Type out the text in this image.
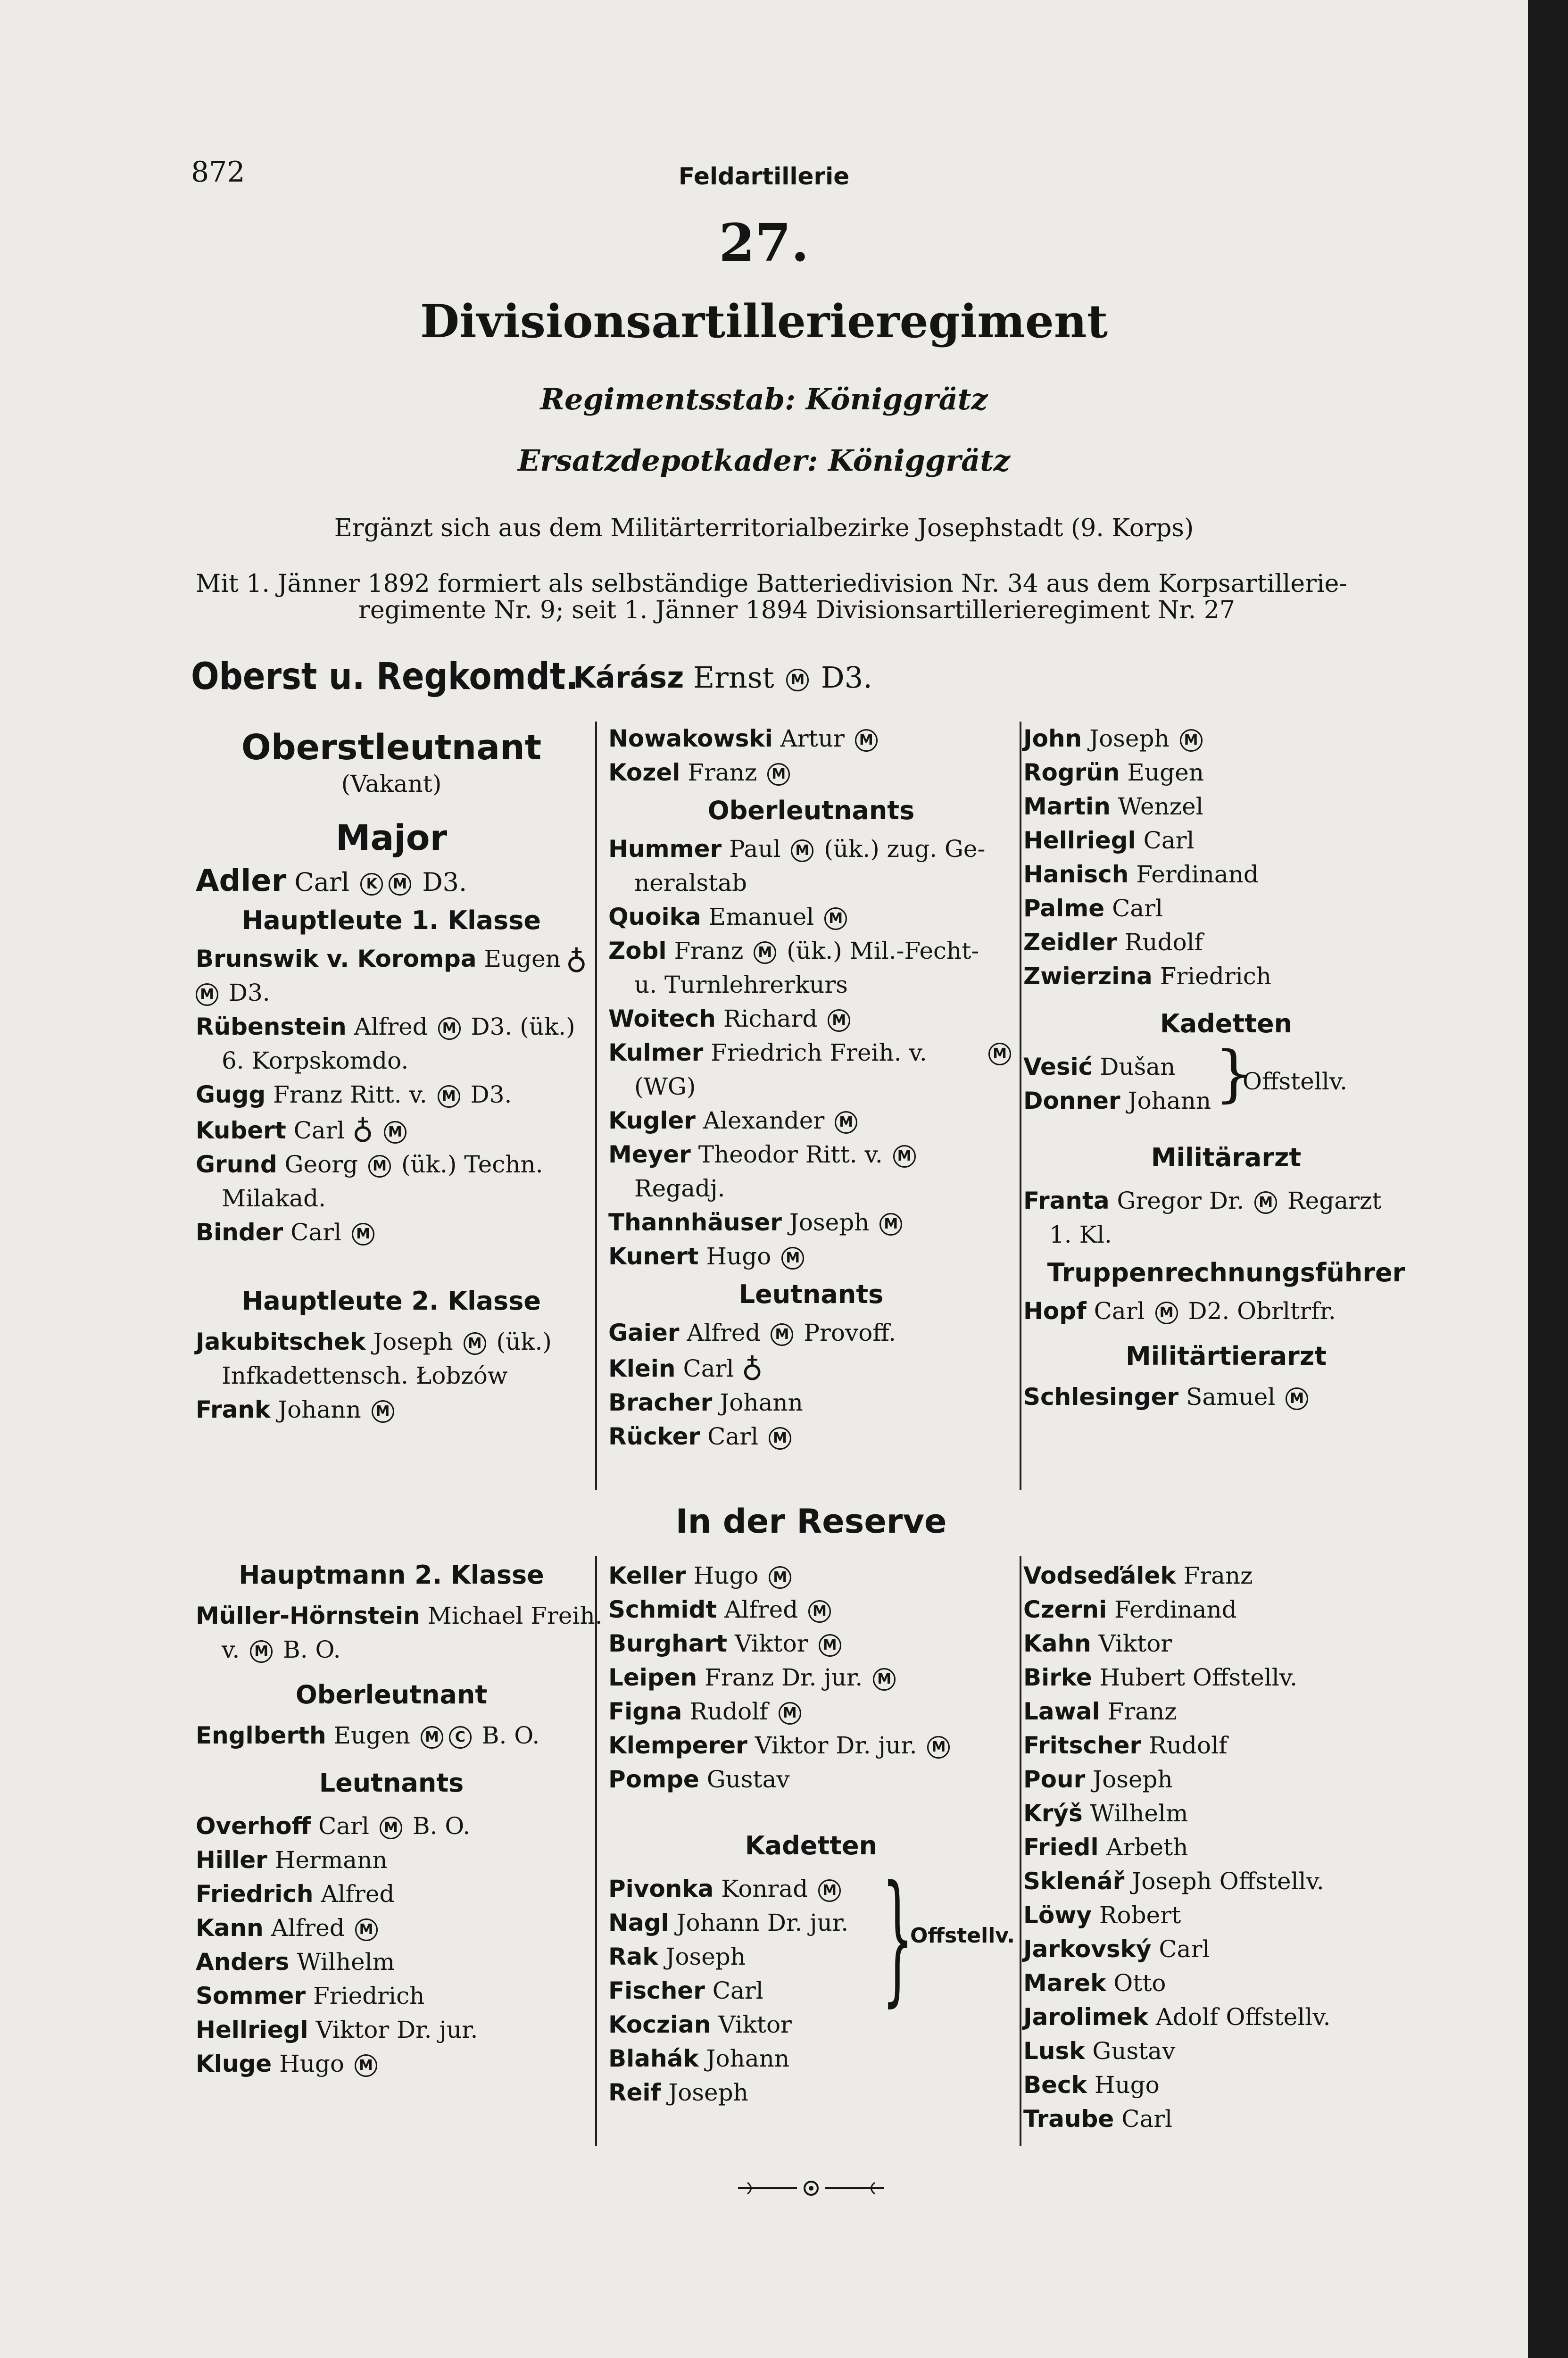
872	Feldartillerie
27.
Divisionsartillerieregiment
Regimentsstab: Königgrätz
Ersatzdepotkader: Königgrätz
Ergänzt sich aus dem Militärterritorialbezirke Josephstadt (9. Korps)
Mit 1. Jänner 1892 formiert als selbständige Batteriedivision Nr. 34 aus dem Korpsartillerie-
regimente Nr. 9; seit 1. Jänner 1894 Divisionsartillerieregiment Nr. 27
Oberst u. Regkomdt.
Kárász Ernst M D3.
Oberstleutnant
(Vakant)
Major
Adler Carl K M D3.
Hauptleute 1. Klasse
Brunswik v. Korompa Eugen ♁
M D3.
Rübenstein Alfred M D3. (ük.)
6. Korpskomdo.
Gugg Franz Ritt. v. M D3.
Kubert Carl ♁ M
Grund Georg M (ük.) Techn.
Milakad.
Binder Carl M
Hauptleute 2. Klasse
Jakubitschek Joseph M (ük.)
Infkadettensch. Łobzów
Frank Johann M
Nowakowski Artur M
Kozel Franz M
Oberleutnants
Hummer Paul M (ük.) zug. Ge-
neralstab
Quoika Emanuel M
Zobl Franz M (ük.) Mil.-Fecht-
u. Turnlehrerkurs
Woitech Richard M
Kulmer Friedrich Freih. v.	M
(WG)
Kugler Alexander M
Meyer Theodor Ritt. v. M
Regadj.
Thannhäuser Joseph M
Kunert Hugo M
Leutnants
Gaier Alfred M Provoff.
Klein Carl ♁
Bracher Johann
Rücker Carl M
John Joseph M
Rogrün Eugen
Martin Wenzel
Hellriegl Carl
Hanisch Ferdinand
Palme Carl
Zeidler Rudolf
Zwierzina Friedrich
Kadetten
Vesić Dušan
Donner Johann }
Offstellv.
Militärarzt
Franta Gregor Dr. M Regarzt
1. Kl.
Truppenrechnungsführer
Hopf Carl M D2. Obrltrfr.
Militärtierarzt
Schlesinger Samuel M
In der Reserve
Hauptmann 2. Klasse
Müller-Hörnstein Michael Freih.
v. M B. O.
Oberleutnant
Englberth Eugen M C B. O.
Leutnants
Overhoff Carl M B. O.
Hiller Hermann
Friedrich Alfred
Kann Alfred M
Anders Wilhelm
Sommer Friedrich
Hellriegl Viktor Dr. jur.
Kluge Hugo M
Keller Hugo M
Schmidt Alfred M
Burghart Viktor M
Leipen Franz Dr. jur. M
Figna Rudolf M
Klemperer Viktor Dr. jur. M
Pompe Gustav
Kadetten
Pivonka Konrad M
Nagl Johann Dr. jur.
Rak Joseph
Fischer Carl
Koczian Viktor
Blahák Johann
Reif Joseph
}
Offstellv.
Vodseďálek Franz
Czerni Ferdinand
Kahn Viktor
Birke Hubert Offstellv.
Lawal Franz
Fritscher Rudolf
Pour Joseph
Krýš Wilhelm
Friedl Arbeth
Sklenář Joseph Offstellv.
Löwy Robert
Jarkovský Carl
Marek Otto
Jarolimek Adolf Offstellv.
Lusk Gustav
Beck Hugo
Traube Carl
